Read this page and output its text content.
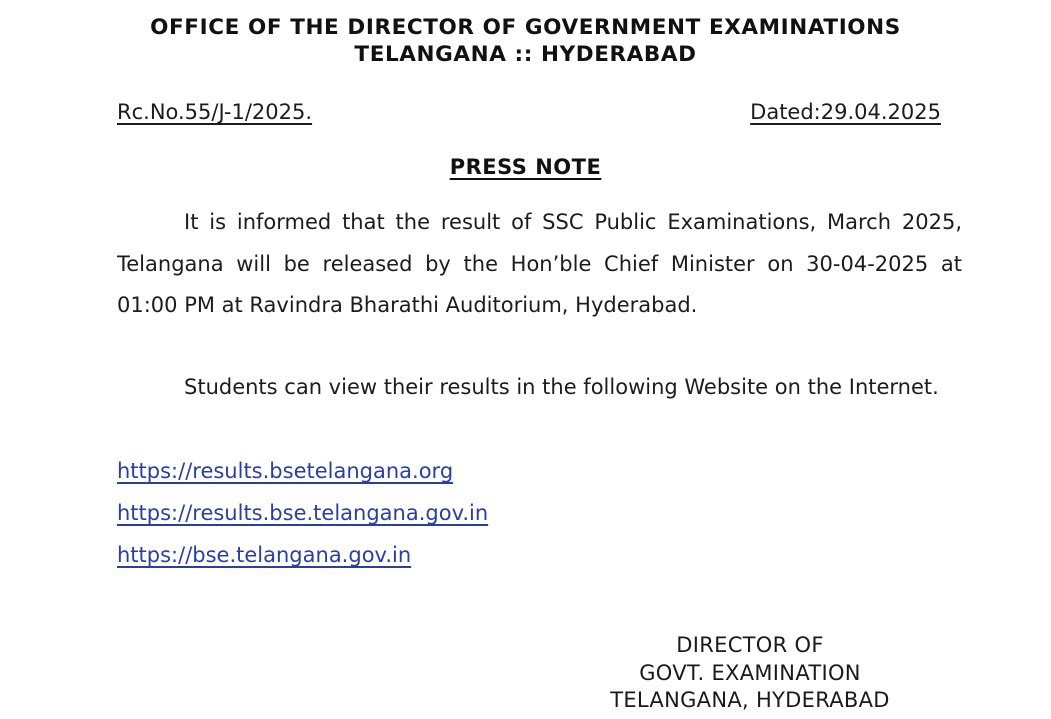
OFFICE OF THE DIRECTOR OF GOVERNMENT EXAMINATIONS
TELANGANA :: HYDERABAD
Rc.No.55/J-1/2025.	Dated:29.04.2025
PRESS NOTE

It is informed that the result of SSC Public Examinations, March 2025, Telangana will be released by the Hon’ble Chief Minister on 30-04-2025 at 01:00 PM at Ravindra Bharathi Auditorium, Hyderabad.

Students can view their results in the following Website on the Internet.

https://results.bsetelangana.org
https://results.bse.telangana.gov.in
https://bse.telangana.gov.in
DIRECTOR OF
GOVT. EXAMINATION
TELANGANA, HYDERABAD
